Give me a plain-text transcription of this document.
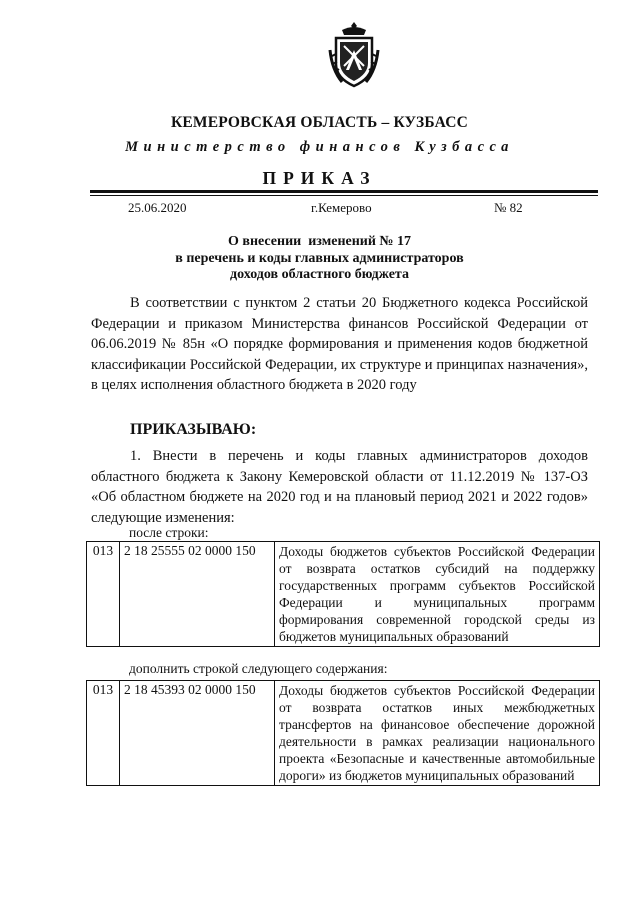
КЕМЕРОВСКАЯ ОБЛАСТЬ – КУЗБАСС
Министерство финансов Кузбасса
ПРИКАЗ
25.06.2020	г.Кемерово	№ 82
О внесении  изменений № 17
в перечень и коды главных администраторов
доходов областного бюджета
В соответствии с пунктом 2 статьи 20 Бюджетного кодекса Российской Федерации и приказом Министерства финансов Российской Федерации от 06.06.2019 № 85н «О порядке формирования и применения кодов бюджетной классификации Российской Федерации, их структуре и принципах назначения», в целях исполнения областного бюджета в 2020 году
ПРИКАЗЫВАЮ:
1. Внести в перечень и коды главных администраторов доходов областного бюджета к Закону Кемеровской области от 11.12.2019 № 137-ОЗ «Об областном бюджете на 2020 год и на плановый период 2021 и 2022 годов» следующие изменения:
после строки:
013	2 18 25555 02 0000 150	Доходы бюджетов субъектов Российской Федерации от возврата остатков субсидий на поддержку государственных программ субъектов Российской Федерации и муниципальных программ формирования современной городской среды из бюджетов муниципальных образований
дополнить строкой следующего содержания:
013	2 18 45393 02 0000 150	Доходы бюджетов субъектов Российской Федерации от возврата остатков иных межбюджетных трансфертов на финансовое обеспечение дорожной деятельности в рамках реализации национального проекта «Безопасные и качественные автомобильные дороги» из бюджетов муниципальных образований
